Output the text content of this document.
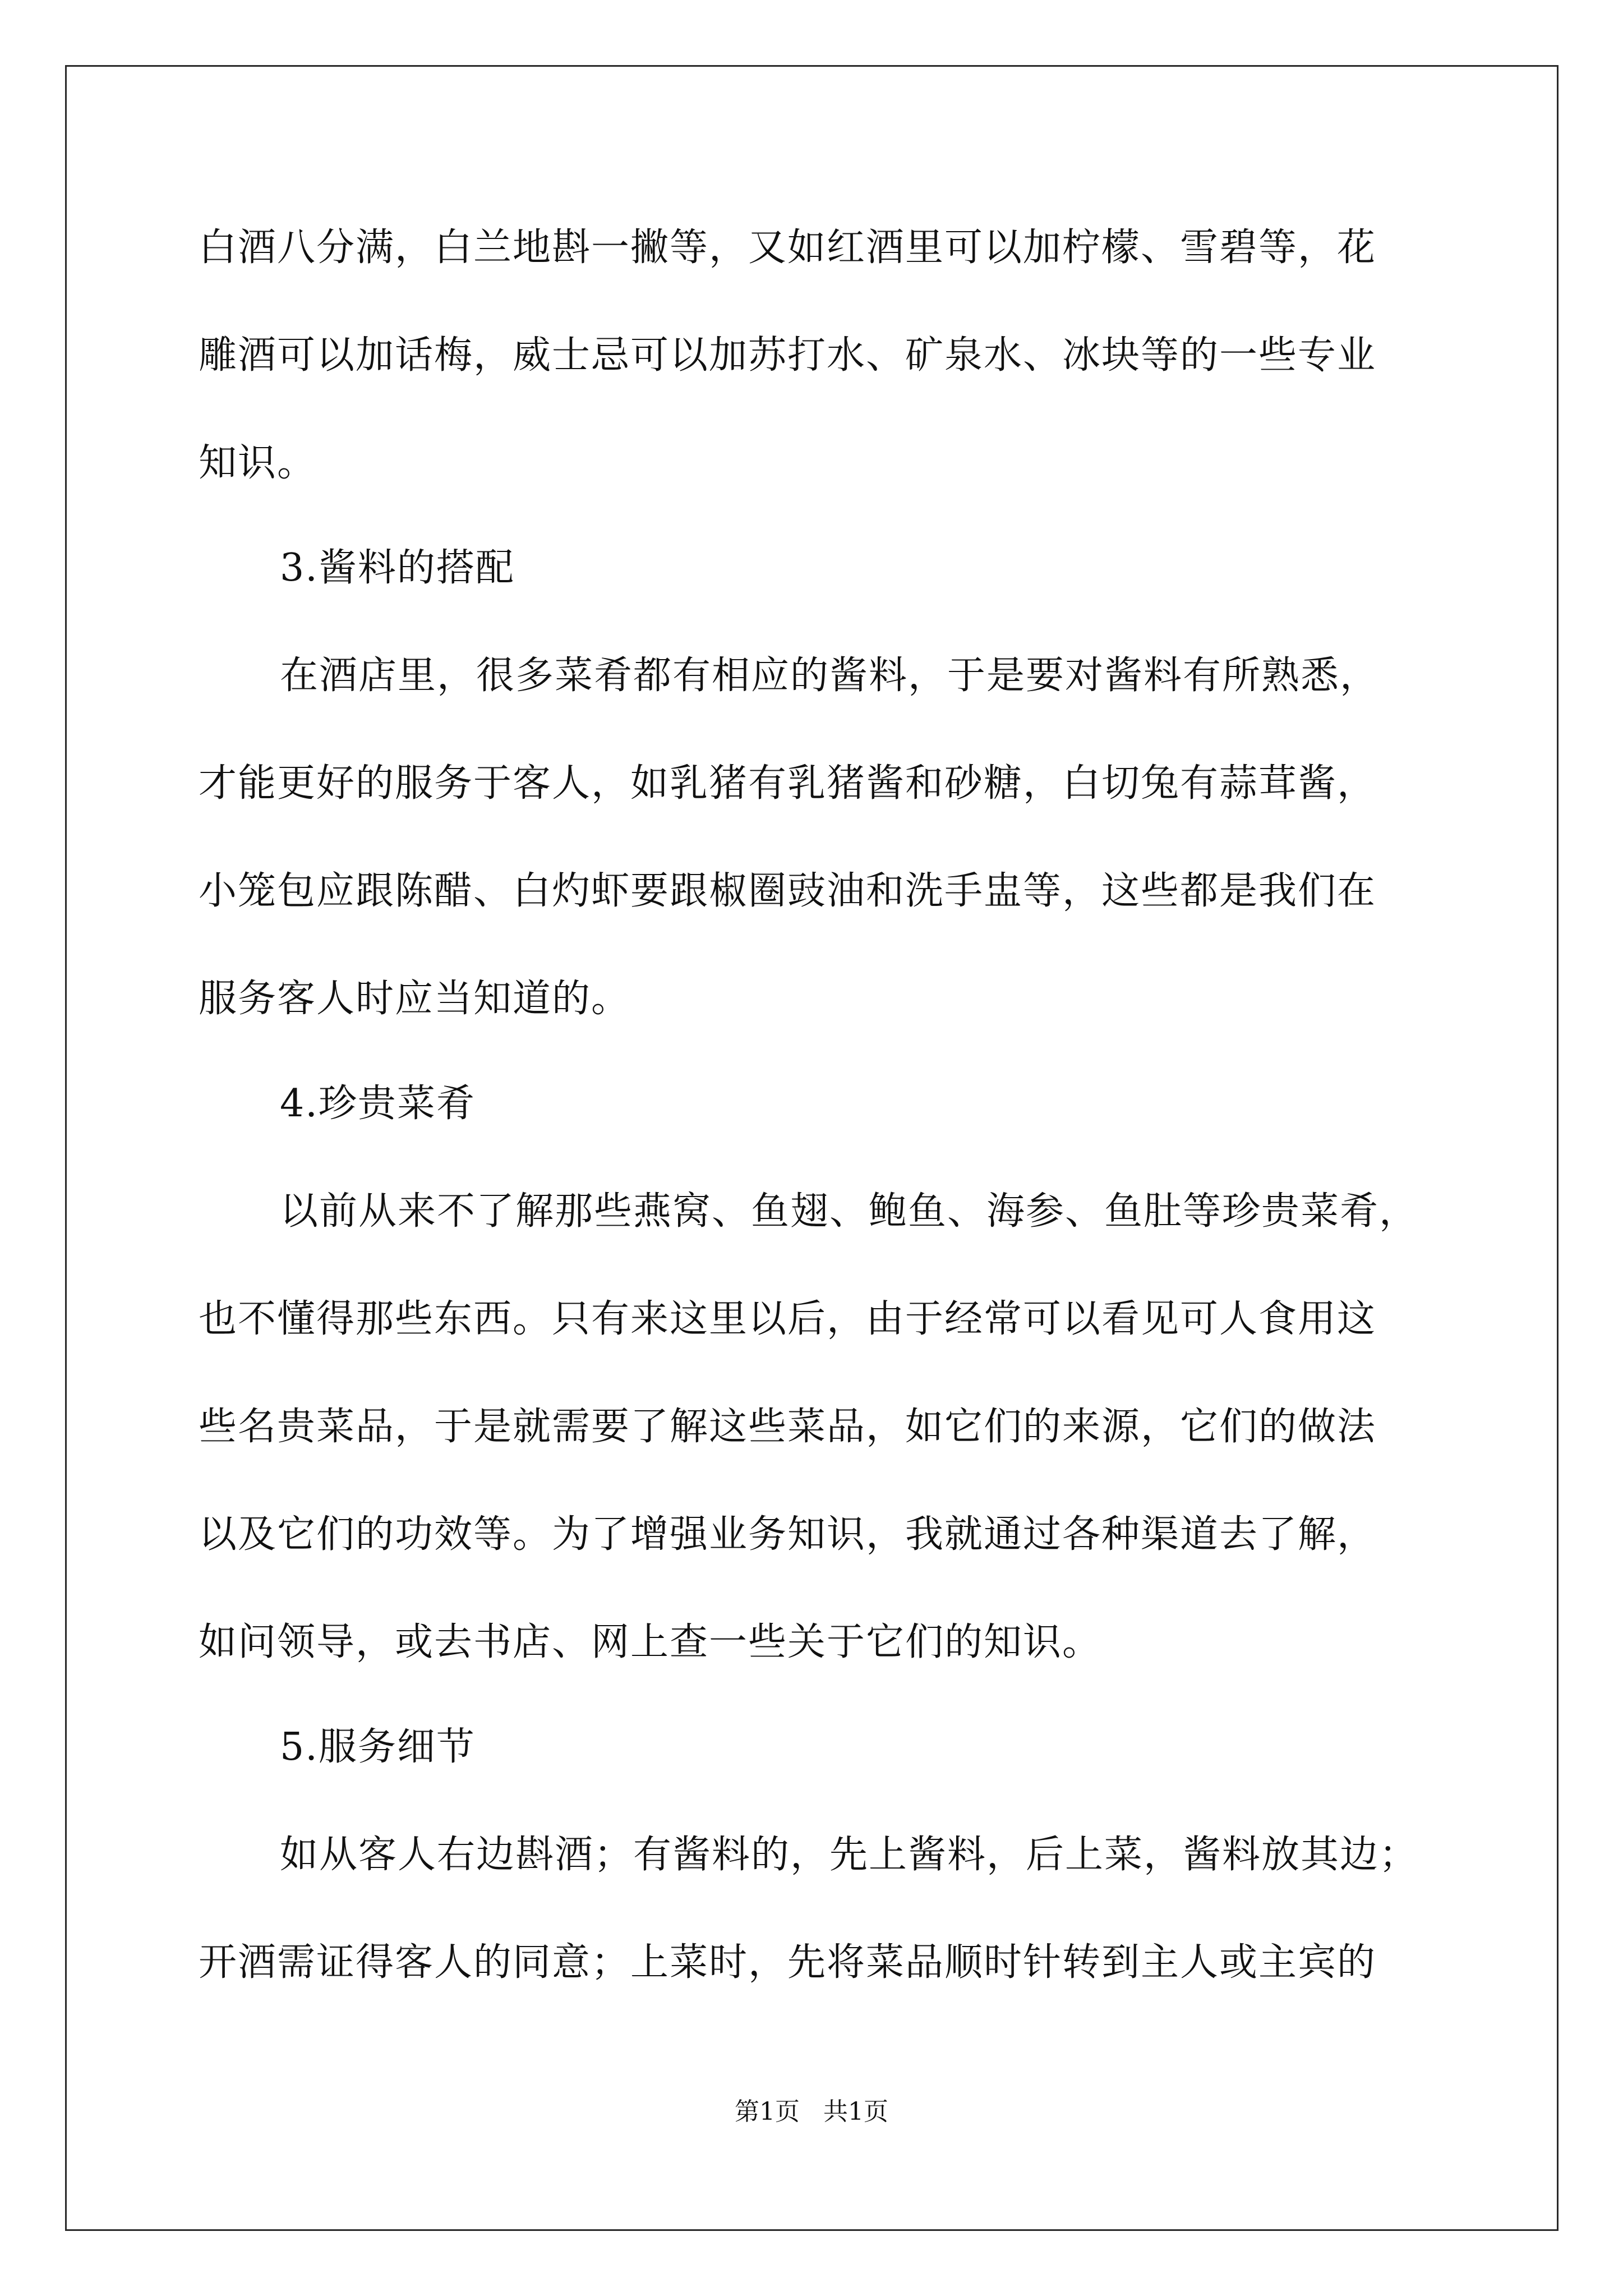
白酒八分满，白兰地斟一撇等，又如红酒里可以加柠檬、雪碧等，花
雕酒可以加话梅，威士忌可以加苏打水、矿泉水、冰块等的一些专业
知识。
3.酱料的搭配
在酒店里，很多菜肴都有相应的酱料，于是要对酱料有所熟悉，
才能更好的服务于客人，如乳猪有乳猪酱和砂糖，白切兔有蒜茸酱，
小笼包应跟陈醋、白灼虾要跟椒圈豉油和洗手盅等，这些都是我们在
服务客人时应当知道的。
4.珍贵菜肴
以前从来不了解那些燕窝、鱼翅、鲍鱼、海参、鱼肚等珍贵菜肴，
也不懂得那些东西。只有来这里以后，由于经常可以看见可人食用这
些名贵菜品，于是就需要了解这些菜品，如它们的来源，它们的做法
以及它们的功效等。为了增强业务知识，我就通过各种渠道去了解，
如问领导，或去书店、网上查一些关于它们的知识。
5.服务细节
如从客人右边斟酒；有酱料的，先上酱料，后上菜，酱料放其边；
开酒需证得客人的同意；上菜时，先将菜品顺时针转到主人或主宾的
第1页   共1页
